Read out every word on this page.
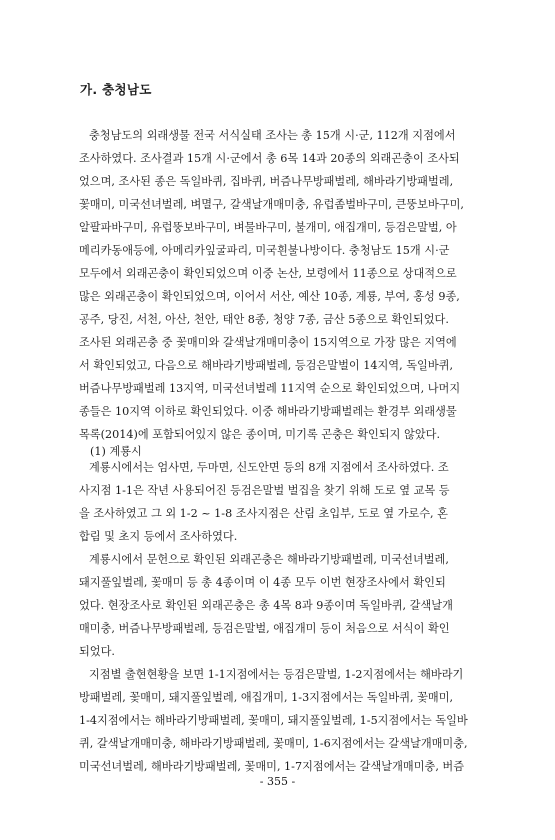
가. 충청남도
충청남도의 외래생물 전국 서식실태 조사는 총 15개 시·군, 112개 지점에서
조사하였다. 조사결과 15개 시·군에서 총 6목 14과 20종의 외래곤충이 조사되
었으며, 조사된 종은 독일바퀴, 집바퀴, 버즘나무방패벌레, 해바라기방패벌레,
꽃매미, 미국선녀벌레, 벼멸구, 갈색날개매미충, 유럽좀벌바구미, 큰뚱보바구미,
알팔파바구미, 유럽뚱보바구미, 벼물바구미, 불개미, 애집개미, 등검은말벌, 아
메리카동애등에, 아메리카잎굴파리, 미국흰불나방이다. 충청남도 15개 시·군
모두에서 외래곤충이 확인되었으며 이중 논산, 보령에서 11종으로 상대적으로
많은 외래곤충이 확인되었으며, 이어서 서산, 예산 10종, 계룡, 부여, 홍성 9종,
공주, 당진, 서천, 아산, 천안, 태안 8종, 청양 7종, 금산 5종으로 확인되었다.
조사된 외래곤충 중 꽃매미와 갈색날개매미충이 15지역으로 가장 많은 지역에
서 확인되었고, 다음으로 해바라기방패벌레, 등검은말벌이 14지역, 독일바퀴,
버즘나무방패벌레 13지역, 미국선녀벌레 11지역 순으로 확인되었으며, 나머지
종들은 10지역 이하로 확인되었다. 이중 해바라기방패벌레는 환경부 외래생물
목록(2014)에 포함되어있지 않은 종이며, 미기록 곤충은 확인되지 않았다.
(1) 계룡시
계룡시에서는 엄사면, 두마면, 신도안면 등의 8개 지점에서 조사하였다. 조
사지점 1-1은 작년 사용되어진 등검은말벌 벌집을 찾기 위해 도로 옆 교목 등
을 조사하였고 그 외 1-2 ~ 1-8 조사지점은 산림 초입부, 도로 옆 가로수, 혼
합림 및 초지 등에서 조사하였다.
계룡시에서 문헌으로 확인된 외래곤충은 해바라기방패벌레, 미국선녀벌레,
돼지풀잎벌레, 꽃매미 등 총 4종이며 이 4종 모두 이번 현장조사에서 확인되
었다. 현장조사로 확인된 외래곤충은 총 4목 8과 9종이며 독일바퀴, 갈색날개
매미충, 버즘나무방패벌레, 등검은말벌, 애집개미 등이 처음으로 서식이 확인
되었다.
지점별 출현현황을 보면 1-1지점에서는 등검은말벌, 1-2지점에서는 해바라기
방패벌레, 꽃매미, 돼지풀잎벌레, 애집개미, 1-3지점에서는 독일바퀴, 꽃매미,
1-4지점에서는 해바라기방패벌레, 꽃매미, 돼지풀잎벌레, 1-5지점에서는 독일바
퀴, 갈색날개매미충, 해바라기방패벌레, 꽃매미, 1-6지점에서는 갈색날개매미충,
미국선녀벌레, 해바라기방패벌레, 꽃매미, 1-7지점에서는 갈색날개매미충, 버즘
- 355 -
